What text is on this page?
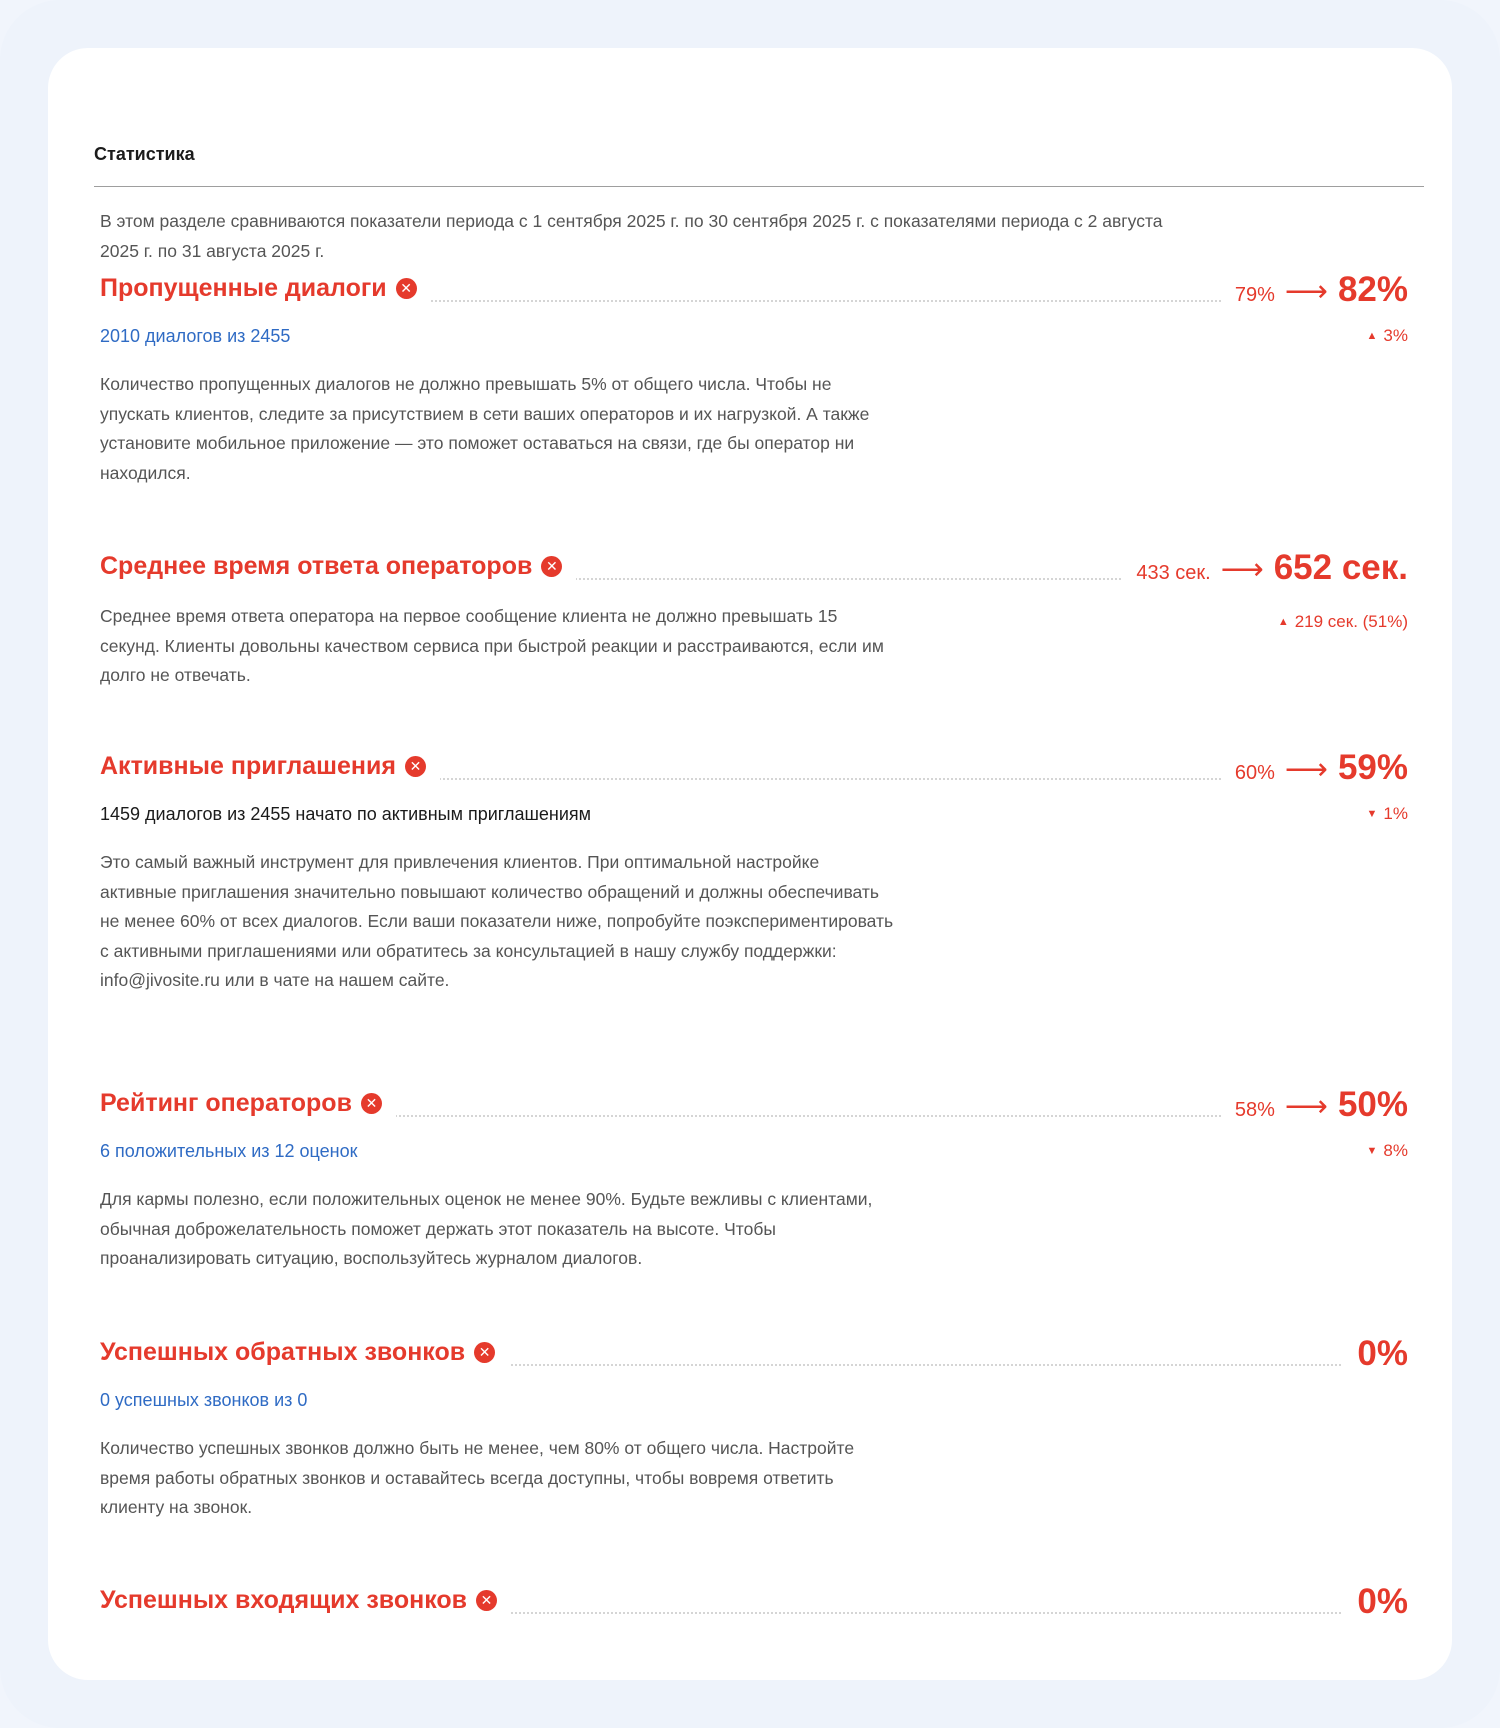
Статистика
В этом разделе сравниваются показатели периода с 1 сентября 2025 г. по 30 сентября 2025 г. с показателями периода с 2 августа 2025 г. по 31 августа 2025 г.
Пропущенные диалоги ✕	79% ⟶ 82%
2010 диалогов из 2455	▲ 3%
Количество пропущенных диалогов не должно превышать 5% от общего числа. Чтобы не упускать клиентов, следите за присутствием в сети ваших операторов и их нагрузкой. А также установите мобильное приложение — это поможет оставаться на связи, где бы оператор ни находился.
Среднее время ответа операторов ✕	433 сек. ⟶ 652 сек.
▲ 219 сек. (51%)
Среднее время ответа оператора на первое сообщение клиента не должно превышать 15 секунд. Клиенты довольны качеством сервиса при быстрой реакции и расстраиваются, если им долго не отвечать.
Активные приглашения ✕	60% ⟶ 59%
1459 диалогов из 2455 начато по активным приглашениям	▼ 1%
Это самый важный инструмент для привлечения клиентов. При оптимальной настройке активные приглашения значительно повышают количество обращений и должны обеспечивать не менее 60% от всех диалогов. Если ваши показатели ниже, попробуйте поэкспериментировать с активными приглашениями или обратитесь за консультацией в нашу службу поддержки: info@jivosite.ru или в чате на нашем сайте.
Рейтинг операторов ✕	58% ⟶ 50%
6 положительных из 12 оценок	▼ 8%
Для кармы полезно, если положительных оценок не менее 90%. Будьте вежливы с клиентами, обычная доброжелательность поможет держать этот показатель на высоте. Чтобы проанализировать ситуацию, воспользуйтесь журналом диалогов.
Успешных обратных звонков ✕	0%
0 успешных звонков из 0
Количество успешных звонков должно быть не менее, чем 80% от общего числа. Настройте время работы обратных звонков и оставайтесь всегда доступны, чтобы вовремя ответить клиенту на звонок.
Успешных входящих звонков ✕	0%
